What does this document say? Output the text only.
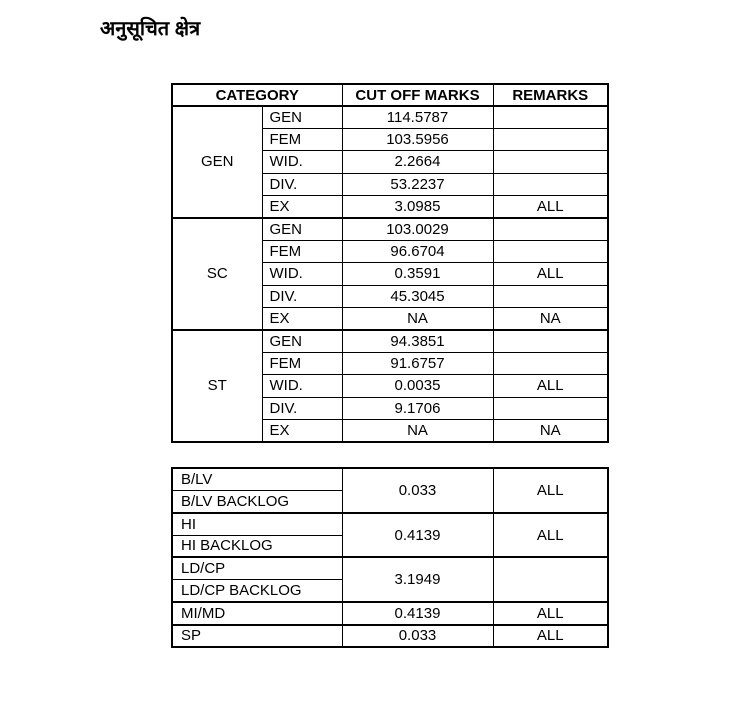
अनुसूचित क्षेत्र
CATEGORY		CUT OFF MARKS	REMARKS
GEN	GEN	114.5787	
	FEM	103.5956	
	WID.	2.2664	
	DIV.	53.2237	
	EX	3.0985	ALL
SC	GEN	103.0029	
	FEM	96.6704	
	WID.	0.3591	ALL
	DIV.	45.3045	
	EX	NA	NA
ST	GEN	94.3851	
	FEM	91.6757	
	WID.	0.0035	ALL
	DIV.	9.1706	
	EX	NA	NA
B/LV	0.033	ALL
B/LV BACKLOG		
HI	0.4139	ALL
HI BACKLOG		
LD/CP	3.1949	
LD/CP BACKLOG		
MI/MD	0.4139	ALL
SP	0.033	ALL
